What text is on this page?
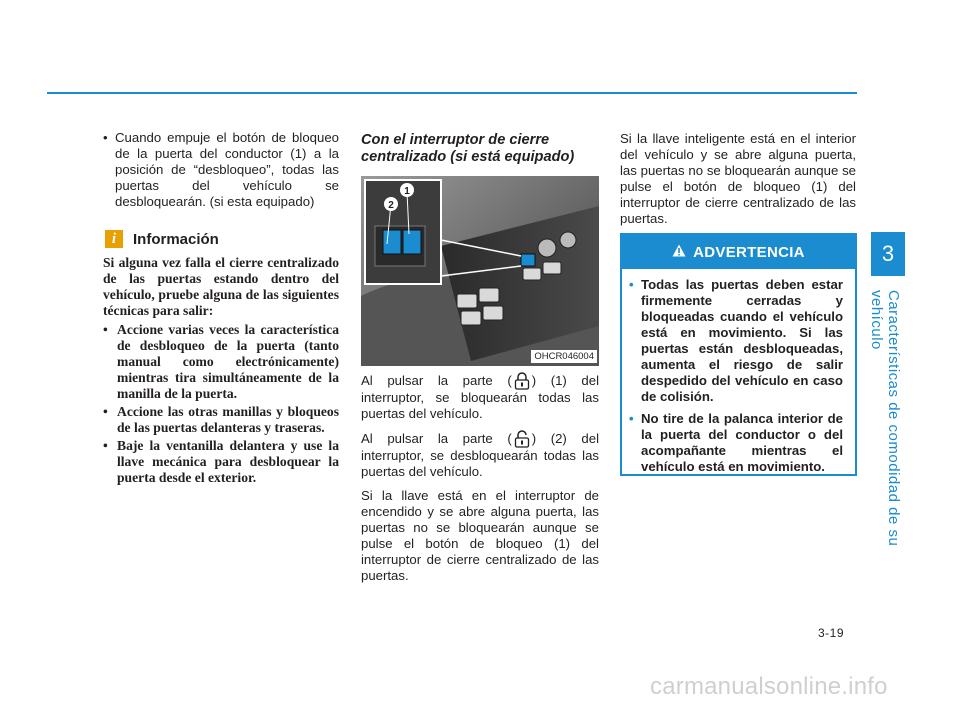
3
Características de comodidad de su vehículo
• Cuando empuje el botón de bloqueo de la puerta del conductor (1) a la posición de “desbloqueo”, todas las puertas del vehículo se desbloquearán. (si esta equipado)
i	Información

Si alguna vez falla el cierre centralizado de las puertas estando dentro del vehículo, pruebe alguna de las siguientes técnicas para salir:

• Accione varias veces la característica de desbloqueo de la puerta (tanto manual como electrónicamente) mientras tira simultáneamente de la manilla de la puerta.
• Accione las otras manillas y bloqueos de las puertas delanteras y traseras.
• Baje la ventanilla delantera y use la llave mecánica para desbloquear la puerta desde el exterior.
Con el interruptor de cierre centralizado (si está equipado)
1
2
OHCR046004

Al pulsar la parte ( ) (1) del interruptor, se bloquearán todas las puertas del vehículo.

Al pulsar la parte ( ) (2) del interruptor, se desbloquearán todas las puertas del vehículo.

Si la llave está en el interruptor de encendido y se abre alguna puerta, las puertas no se bloquearán aunque se pulse el botón de bloqueo (1) del interruptor de cierre centralizado de las puertas.

Si la llave inteligente está en el interior del vehículo y se abre alguna puerta, las puertas no se bloquearán aunque se pulse el botón de bloqueo (1) del interruptor de cierre centralizado de las puertas.
ADVERTENCIA
• Todas las puertas deben estar firmemente cerradas y bloqueadas cuando el vehículo está en movimiento. Si las puertas están desbloqueadas, aumenta el riesgo de salir despedido del vehículo en caso de colisión.
• No tire de la palanca interior de la puerta del conductor o del acompañante mientras el vehículo está en movimiento.
3-19
carmanualsonline.info
